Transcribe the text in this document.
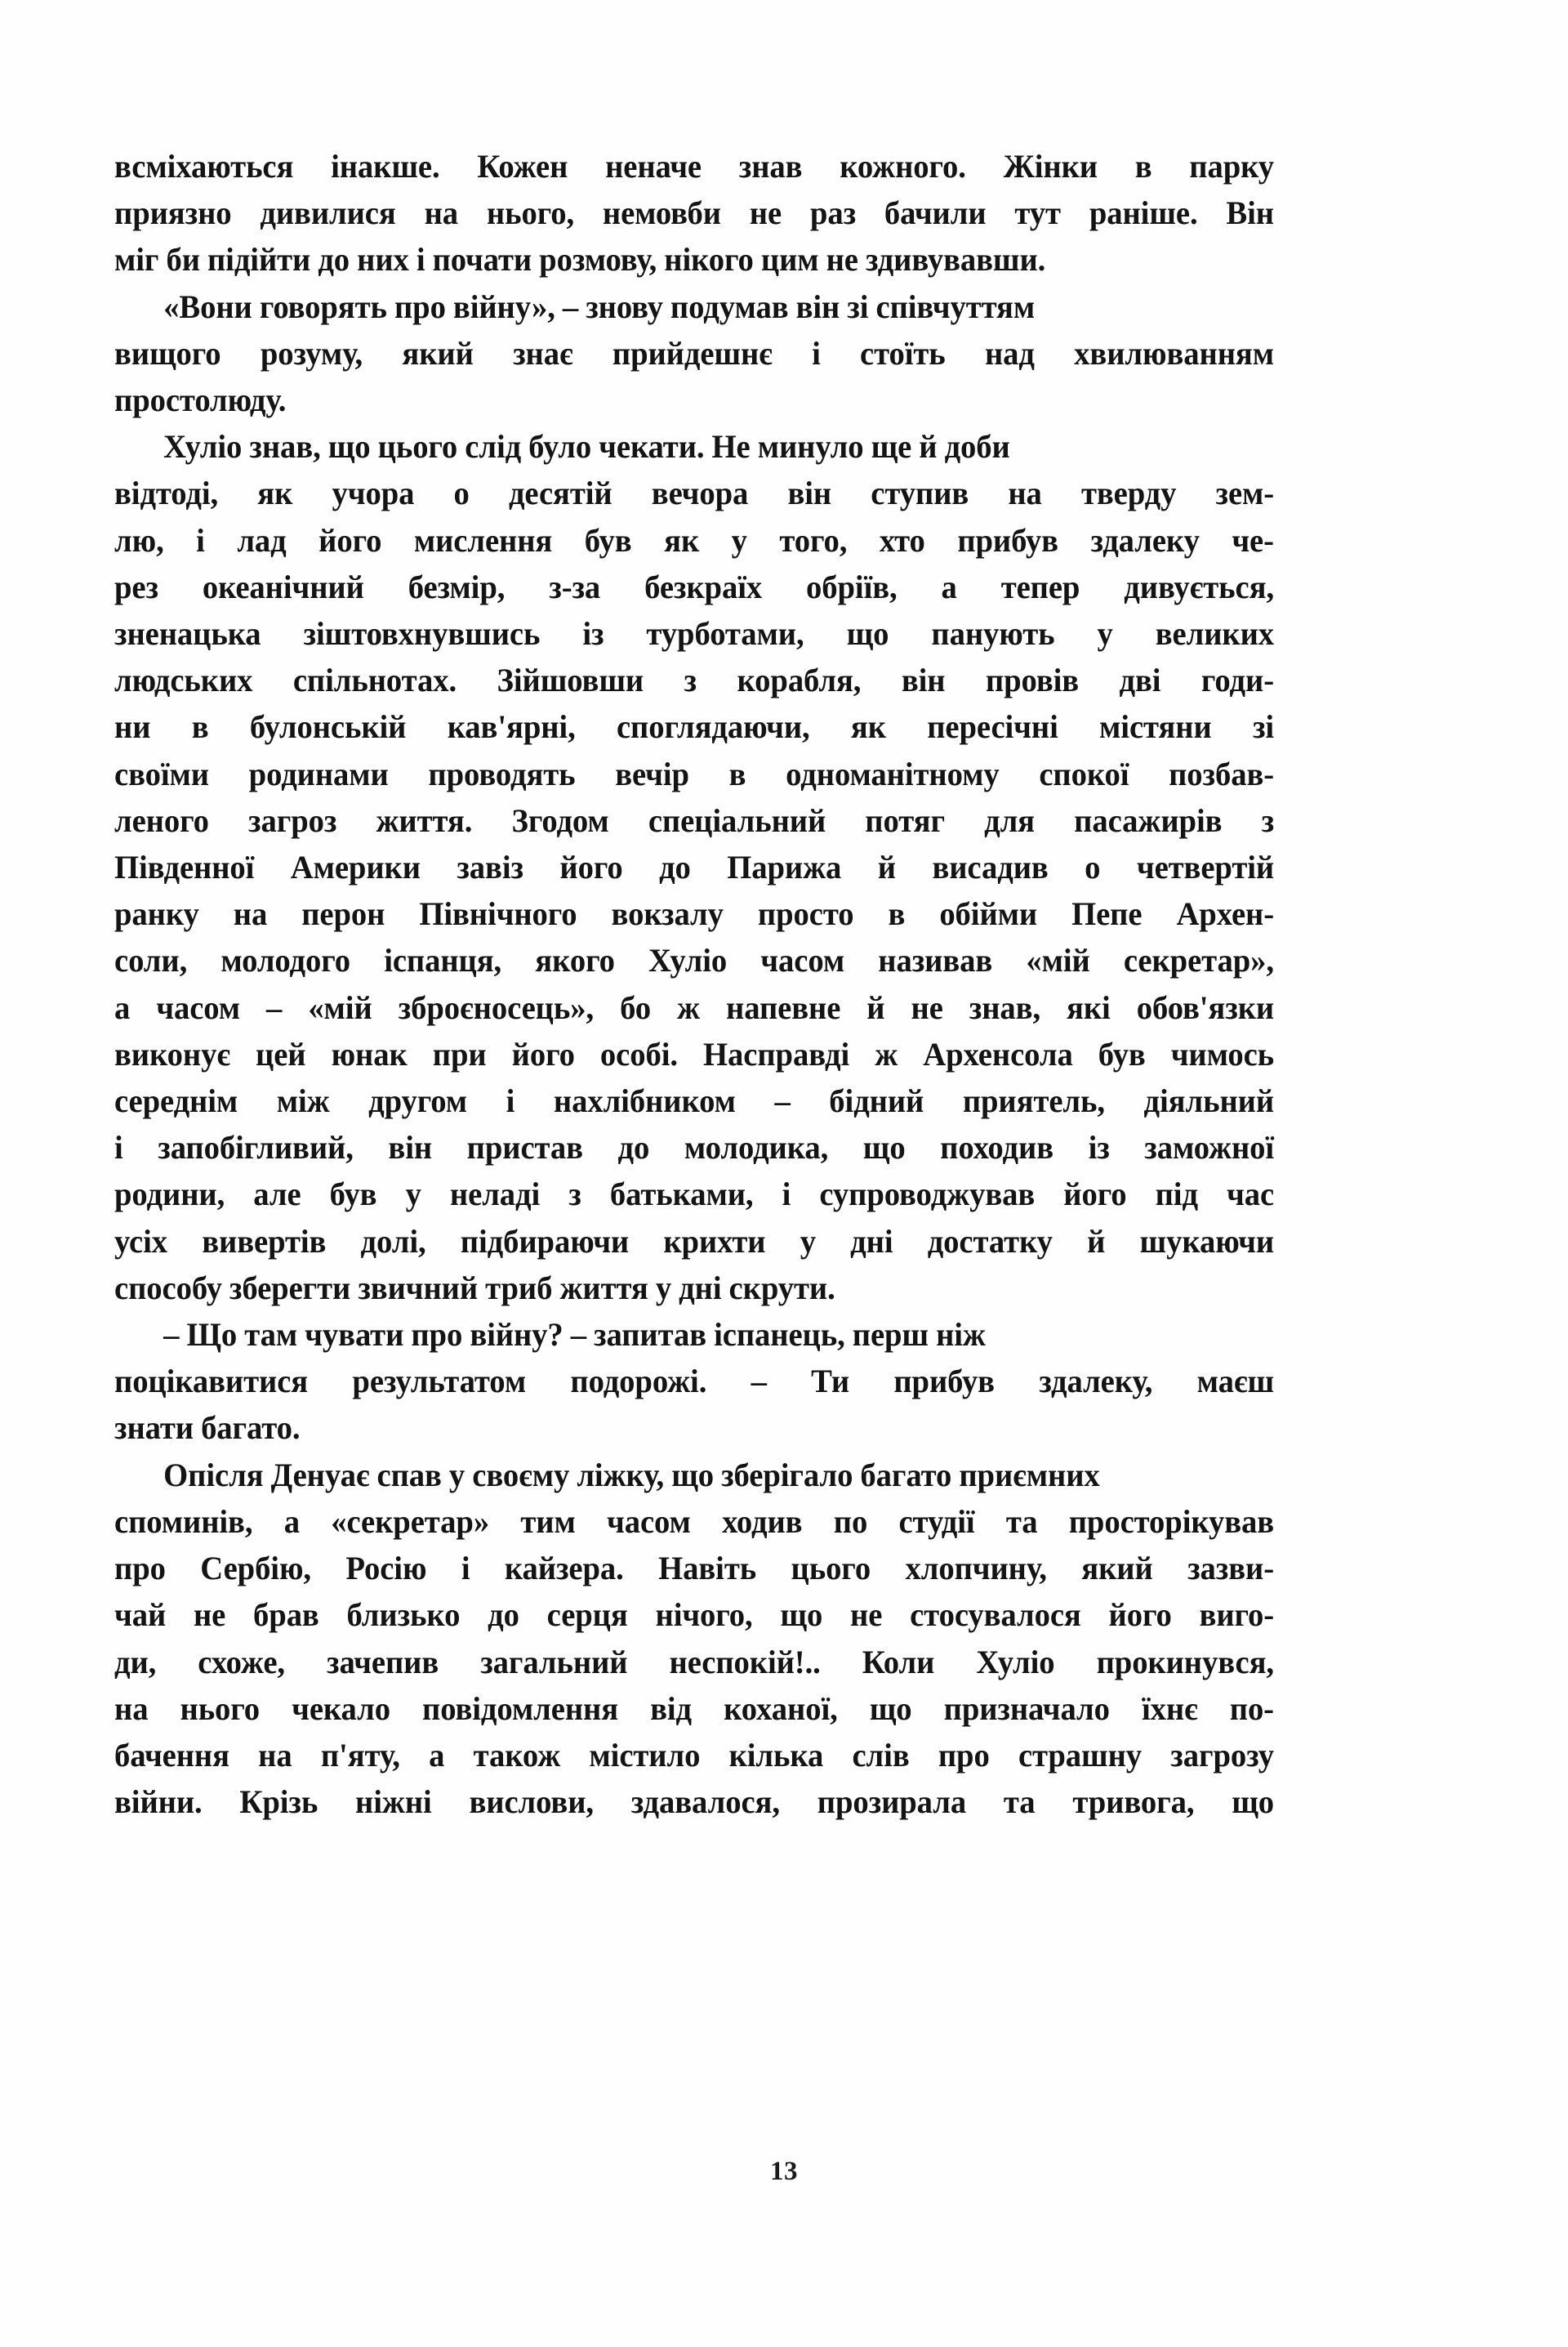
всміхаються інакше. Кожен неначе знав кожного. Жінки в парку
приязно дивилися на нього, немовби не раз бачили тут раніше. Він
міг би підійти до них і почати розмову, нікого цим не здивувавши.

«Вони говорять про війну», – знову подумав він зі співчуттям
вищого розуму, який знає прийдешнє і стоїть над хвилюванням
простолюду.

Хуліо знав, що цього слід було чекати. Не минуло ще й доби
відтоді, як учора о десятій вечора він ступив на тверду зем-
лю, і лад його мислення був як у того, хто прибув здалеку че-
рез океанічний безмір, з-за безкраїх обріїв, а тепер дивується,
зненацька зіштовхнувшись із турботами, що панують у великих
людських спільнотах. Зійшовши з корабля, він провів дві годи-
ни в булонській кав'ярні, споглядаючи, як пересічні містяни зі
своїми родинами проводять вечір в одноманітному спокої позбав-
леного загроз життя. Згодом спеціальний потяг для пасажирів з
Південної Америки завіз його до Парижа й висадив о четвертій
ранку на перон Північного вокзалу просто в обійми Пепе Архен-
соли, молодого іспанця, якого Хуліо часом називав «мій секретар»,
а часом – «мій зброєносець», бо ж напевне й не знав, які обов'язки
виконує цей юнак при його особі. Насправді ж Архенсола був чимось
середнім між другом і нахлібником – бідний приятель, діяльний
і запобігливий, він пристав до молодика, що походив із заможної
родини, але був у неладі з батьками, і супроводжував його під час
усіх вивертів долі, підбираючи крихти у дні достатку й шукаючи
способу зберегти звичний триб життя у дні скрути.

– Що там чувати про війну? – запитав іспанець, перш ніж
поцікавитися результатом подорожі. – Ти прибув здалеку, маєш
знати багато.

Опісля Денуає спав у своєму ліжку, що зберігало багато приємних
споминів, а «секретар» тим часом ходив по студії та просторікував
про Сербію, Росію і кайзера. Навіть цього хлопчину, який зазви-
чай не брав близько до серця нічого, що не стосувалося його виго-
ди, схоже, зачепив загальний неспокій!.. Коли Хуліо прокинувся,
на нього чекало повідомлення від коханої, що призначало їхнє по-
бачення на п'яту, а також містило кілька слів про страшну загрозу
війни. Крізь ніжні вислови, здавалося, прозирала та тривога, що

13
